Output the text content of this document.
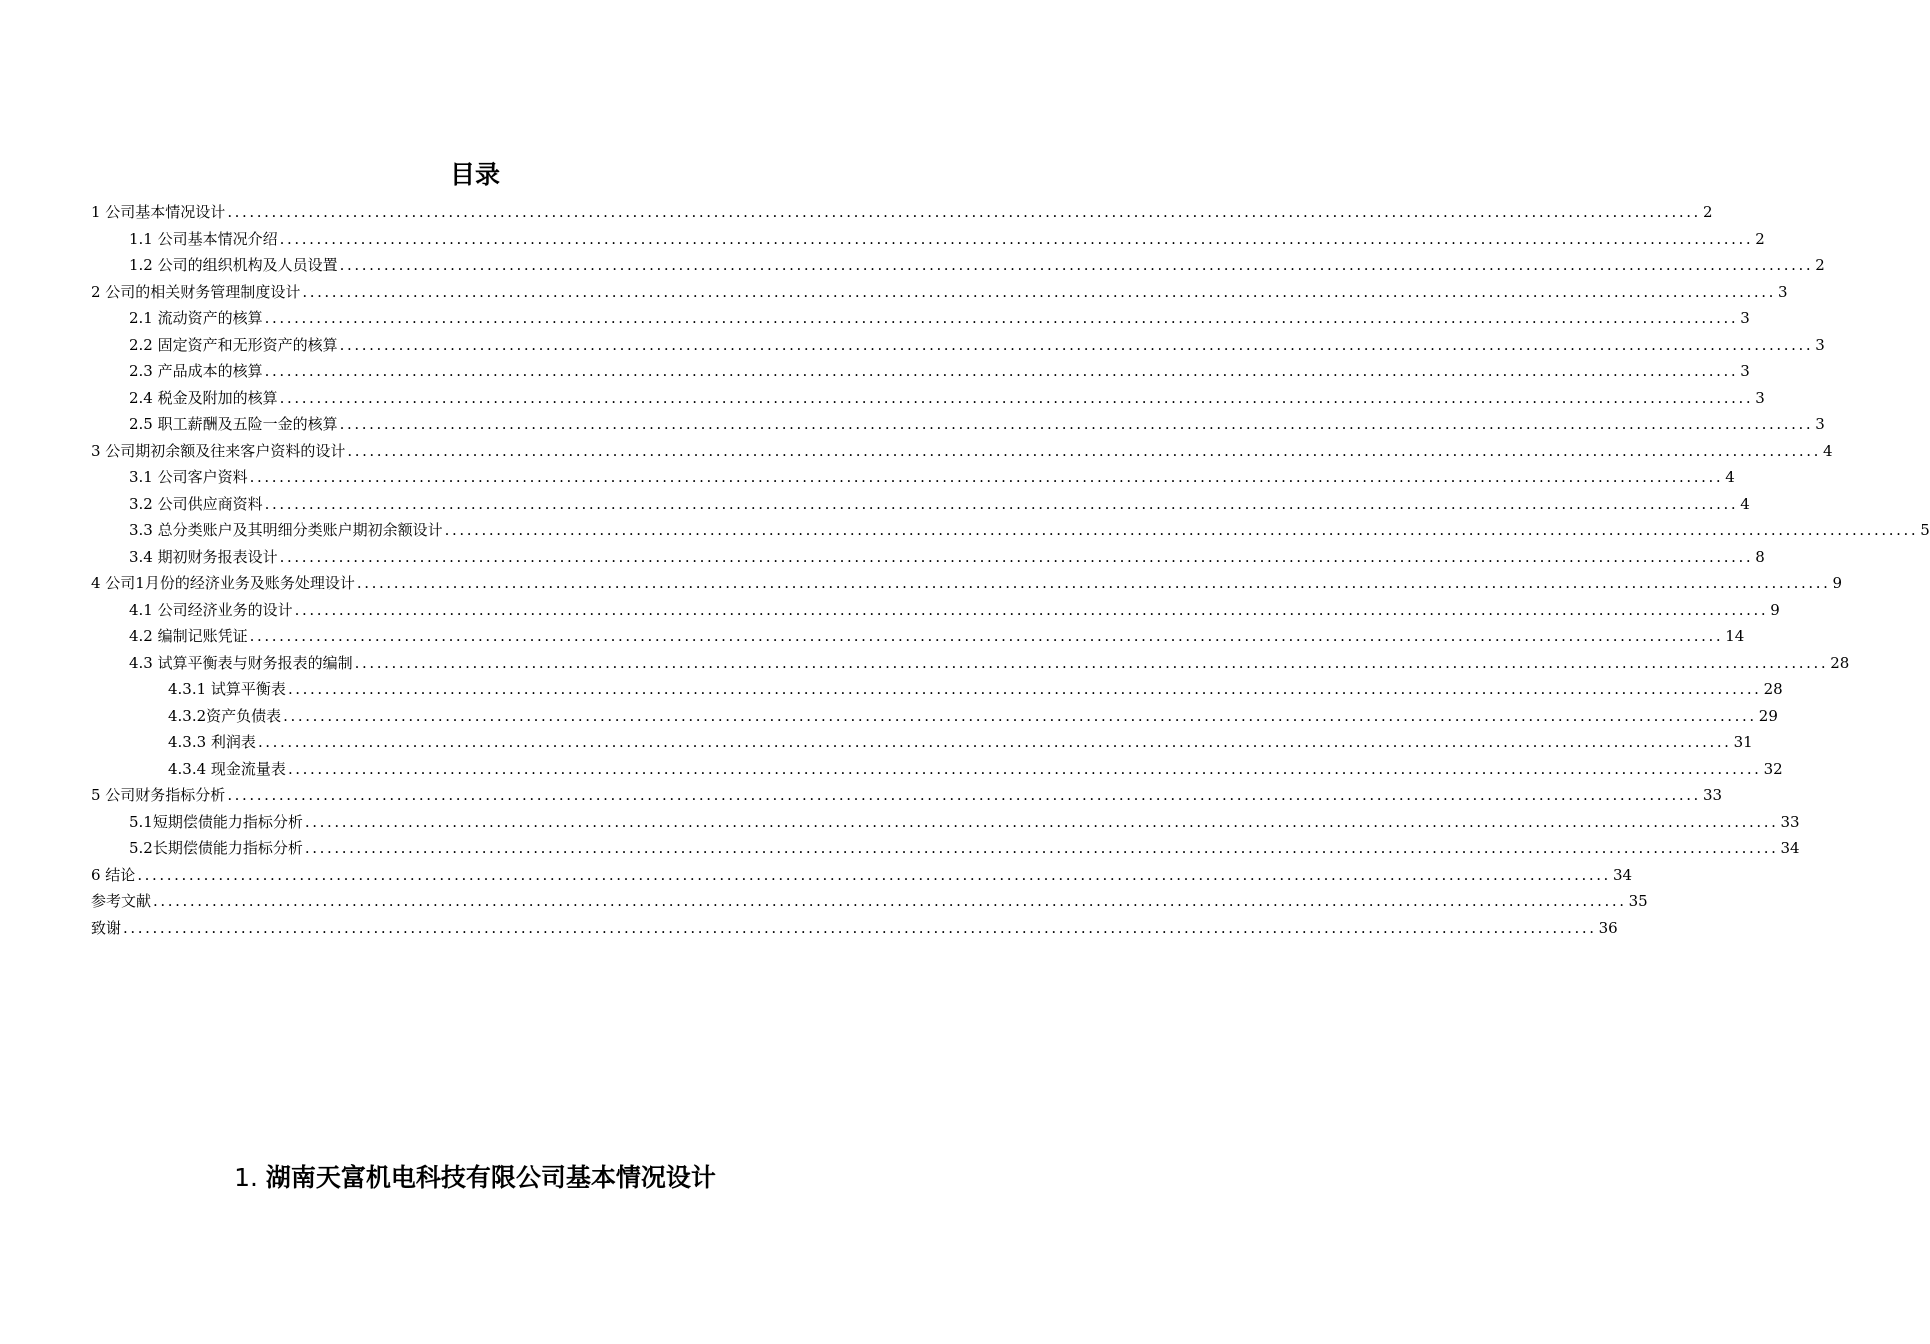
目录
1 公司基本情况设计 ........................................................................................................................................................................................................ 2
1.1 公司基本情况介绍 ........................................................................................................................................................................................................ 2
1.2 公司的组织机构及人员设置 ........................................................................................................................................................................................................ 2
2 公司的相关财务管理制度设计 ........................................................................................................................................................................................................ 3
2.1 流动资产的核算 ........................................................................................................................................................................................................ 3
2.2 固定资产和无形资产的核算 ........................................................................................................................................................................................................ 3
2.3 产品成本的核算 ........................................................................................................................................................................................................ 3
2.4 税金及附加的核算 ........................................................................................................................................................................................................ 3
2.5 职工薪酬及五险一金的核算 ........................................................................................................................................................................................................ 3
3 公司期初余额及往来客户资料的设计 ........................................................................................................................................................................................................ 4
3.1 公司客户资料 ........................................................................................................................................................................................................ 4
3.2 公司供应商资料 ........................................................................................................................................................................................................ 4
3.3 总分类账户及其明细分类账户期初余额设计 ........................................................................................................................................................................................................ 5
3.4 期初财务报表设计 ........................................................................................................................................................................................................ 8
4 公司1月份的经济业务及账务处理设计 ........................................................................................................................................................................................................ 9
4.1 公司经济业务的设计 ........................................................................................................................................................................................................ 9
4.2 编制记账凭证 ........................................................................................................................................................................................................ 14
4.3 试算平衡表与财务报表的编制 ........................................................................................................................................................................................................ 28
4.3.1 试算平衡表 ........................................................................................................................................................................................................ 28
4.3.2资产负债表 ........................................................................................................................................................................................................ 29
4.3.3 利润表 ........................................................................................................................................................................................................ 31
4.3.4 现金流量表 ........................................................................................................................................................................................................ 32
5 公司财务指标分析 ........................................................................................................................................................................................................ 33
5.1短期偿债能力指标分析 ........................................................................................................................................................................................................ 33
5.2长期偿债能力指标分析 ........................................................................................................................................................................................................ 34
6 结论 ........................................................................................................................................................................................................ 34
参考文献 ........................................................................................................................................................................................................ 35
致谢 ........................................................................................................................................................................................................ 36
1. 湖南天富机电科技有限公司基本情况设计
